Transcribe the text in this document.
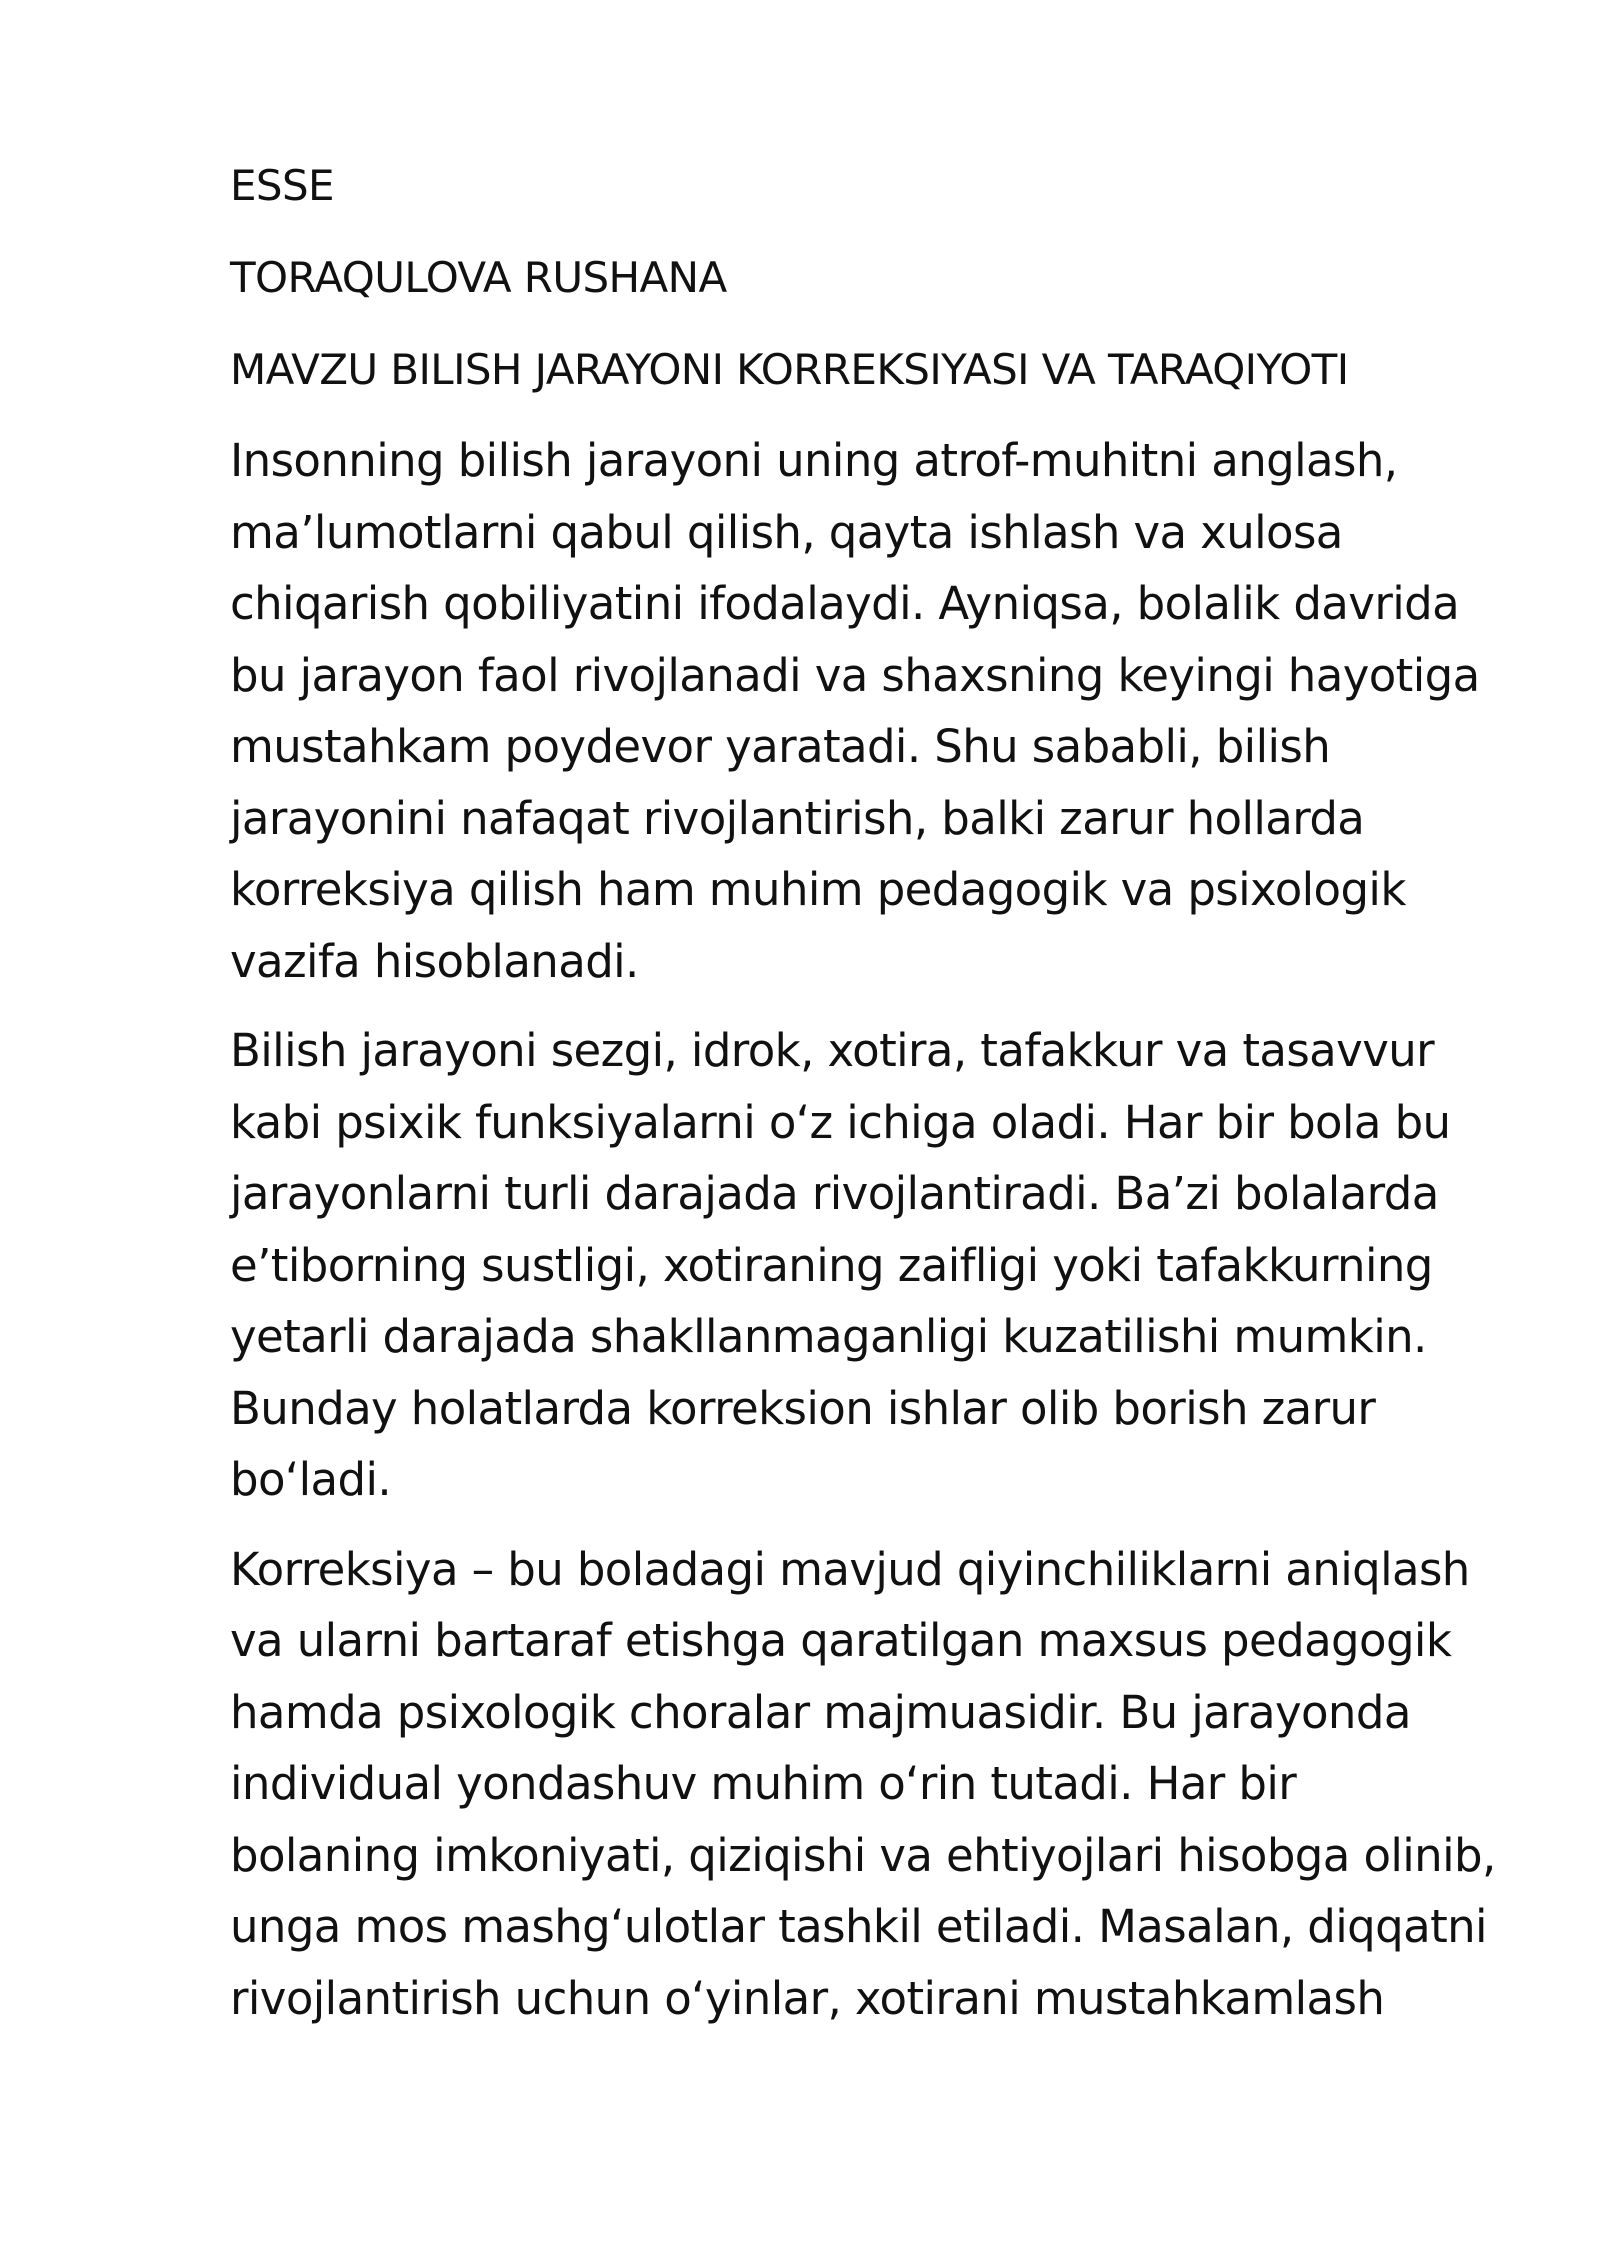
ESSE
TORAQULOVA RUSHANA
MAVZU BILISH JARAYONI KORREKSIYASI VA TARAQIYOTI
Insonning bilish jarayoni uning atrof-muhitni anglash,
ma’lumotlarni qabul qilish, qayta ishlash va xulosa
chiqarish qobiliyatini ifodalaydi. Ayniqsa, bolalik davrida
bu jarayon faol rivojlanadi va shaxsning keyingi hayotiga
mustahkam poydevor yaratadi. Shu sababli, bilish
jarayonini nafaqat rivojlantirish, balki zarur hollarda
korreksiya qilish ham muhim pedagogik va psixologik
vazifa hisoblanadi.
Bilish jarayoni sezgi, idrok, xotira, tafakkur va tasavvur
kabi psixik funksiyalarni o‘z ichiga oladi. Har bir bola bu
jarayonlarni turli darajada rivojlantiradi. Ba’zi bolalarda
e’tiborning sustligi, xotiraning zaifligi yoki tafakkurning
yetarli darajada shakllanmaganligi kuzatilishi mumkin.
Bunday holatlarda korreksion ishlar olib borish zarur
bo‘ladi.
Korreksiya – bu boladagi mavjud qiyinchiliklarni aniqlash
va ularni bartaraf etishga qaratilgan maxsus pedagogik
hamda psixologik choralar majmuasidir. Bu jarayonda
individual yondashuv muhim o‘rin tutadi. Har bir
bolaning imkoniyati, qiziqishi va ehtiyojlari hisobga olinib,
unga mos mashg‘ulotlar tashkil etiladi. Masalan, diqqatni
rivojlantirish uchun o‘yinlar, xotirani mustahkamlash
